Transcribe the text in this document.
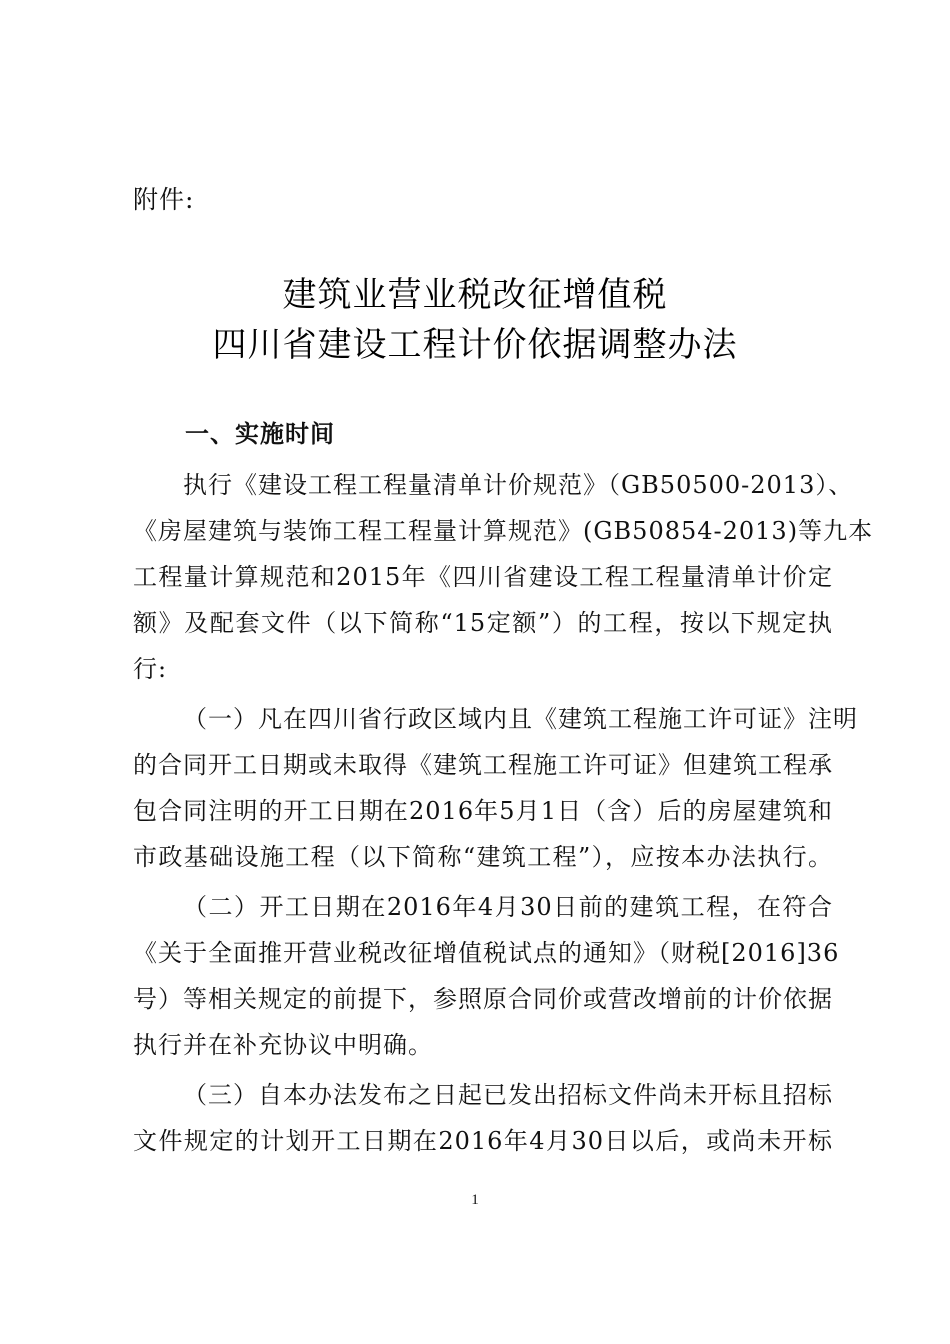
附件:
建筑业营业税改征增值税
四川省建设工程计价依据调整办法
一、实施时间
执行《建设工程工程量清单计价规范》（GB50500-2013）、
《房屋建筑与装饰工程工程量计算规范》(GB50854-2013)等九本
工程量计算规范和2015年《四川省建设工程工程量清单计价定
额》及配套文件（以下简称“15定额”）的工程，按以下规定执
行:
（一）凡在四川省行政区域内且《建筑工程施工许可证》注明
的合同开工日期或未取得《建筑工程施工许可证》但建筑工程承
包合同注明的开工日期在2016年5月1日（含）后的房屋建筑和
市政基础设施工程（以下简称“建筑工程”），应按本办法执行。
（二）开工日期在2016年4月30日前的建筑工程，在符合
《关于全面推开营业税改征增值税试点的通知》（财税[2016]36
号）等相关规定的前提下，参照原合同价或营改增前的计价依据
执行并在补充协议中明确。
（三）自本办法发布之日起已发出招标文件尚未开标且招标
文件规定的计划开工日期在2016年4月30日以后，或尚未开标
1
